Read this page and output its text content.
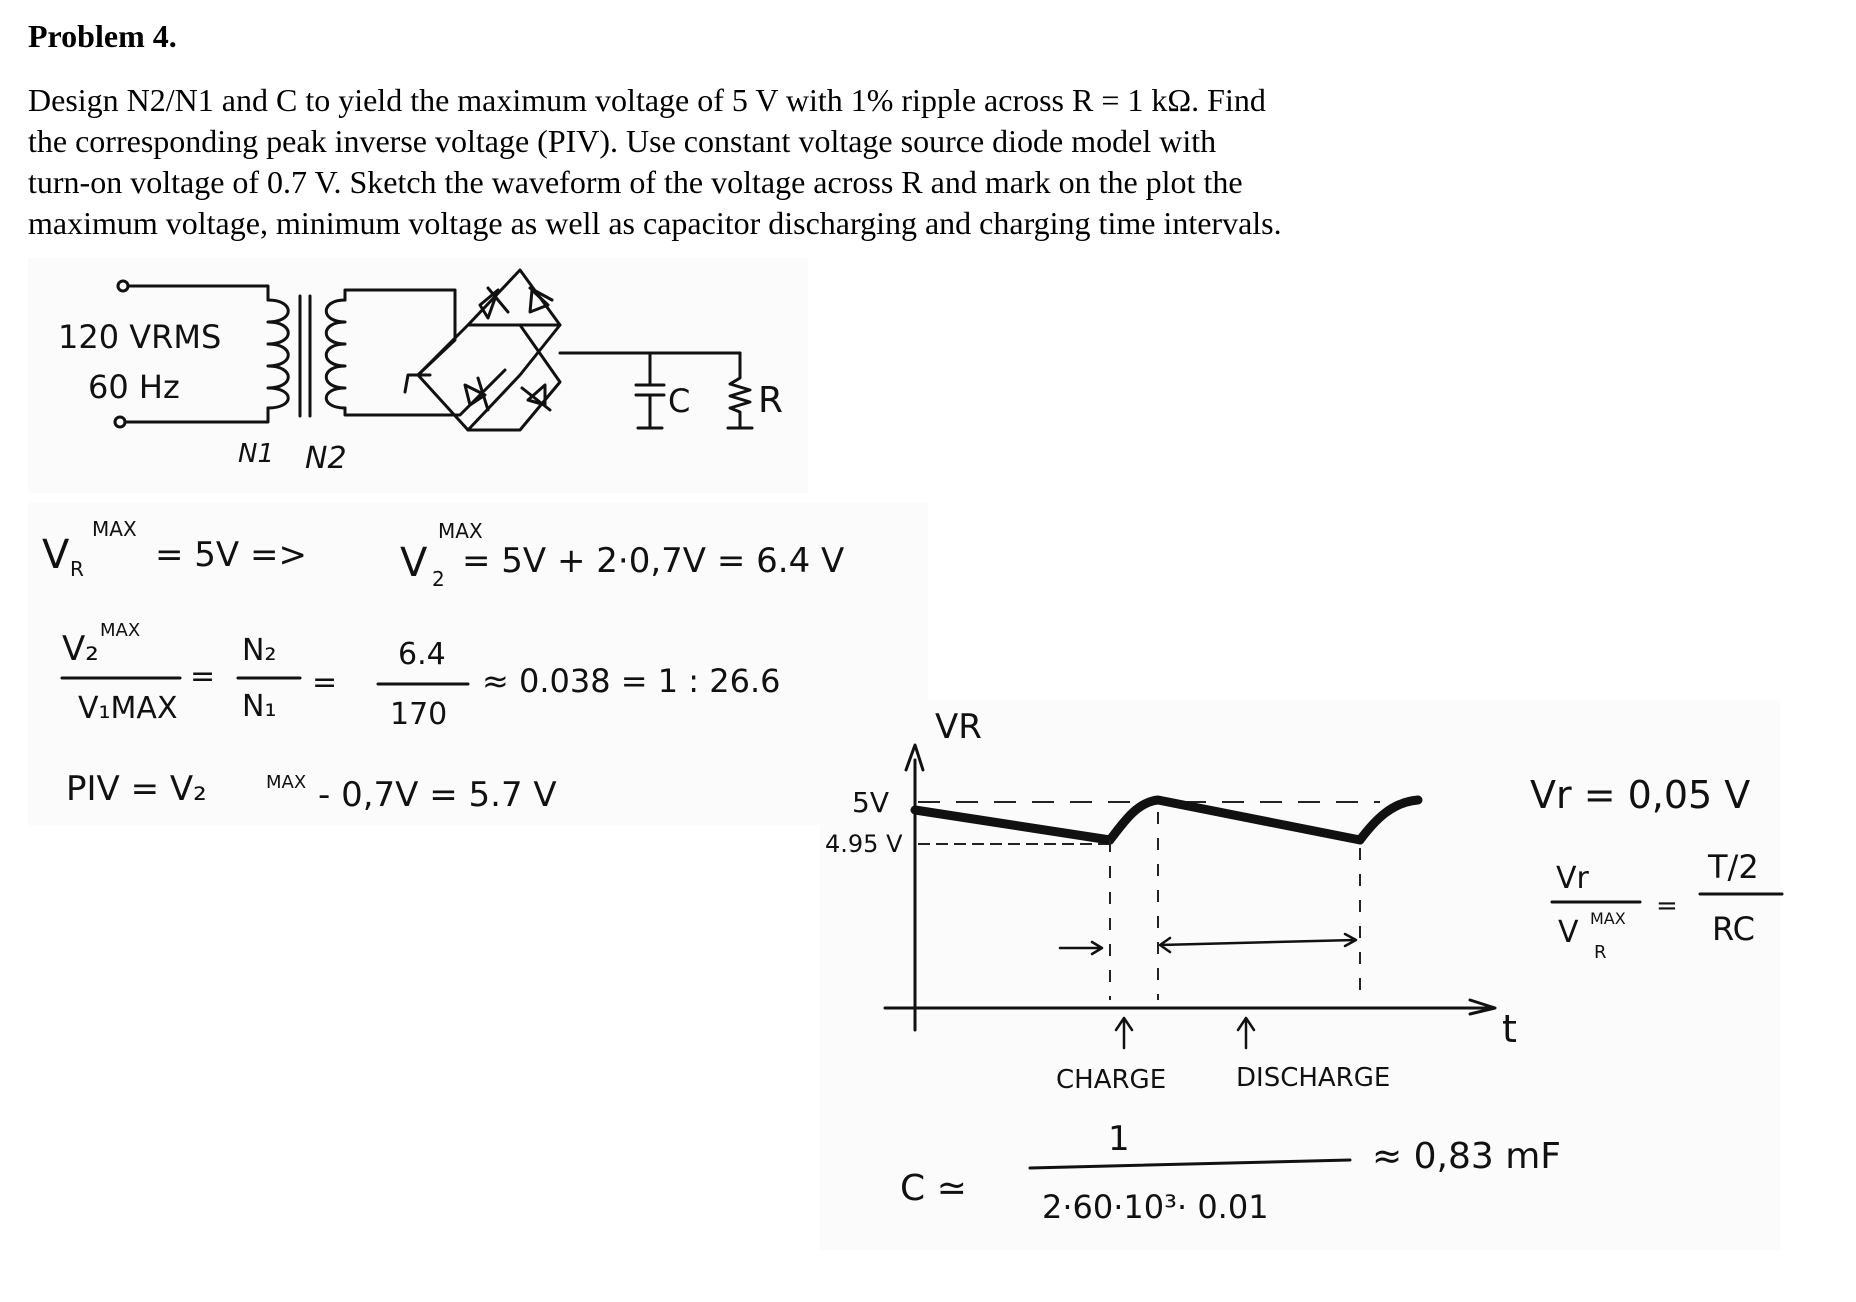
Problem 4.
Design N2/N1 and C to yield the maximum voltage of 5 V with 1% ripple across R = 1 kΩ. Find
the corresponding peak inverse voltage (PIV). Use constant voltage source diode model with
turn-on voltage of 0.7 V. Sketch the waveform of the voltage across R and mark on the plot the
maximum voltage, minimum voltage as well as capacitor discharging and charging time intervals.
120 VRMS
60 Hz
N1 N2
C R
V R
MAX
= 5V => V 2
MAX
= 5V + 2·0,7V = 6.4 V
V₂ MAX
V₁MAX
=
N₂
N₁
=
6.4
170
≈ 0.038 = 1 : 26.6
PIV = V₂	MAX - 0,7V = 5.7 V
VR
t
5V
4.95 V
CHARGE	DISCHARGE
Vr = 0,05 V
Vr
V MAX
R
=
T/2
RC
C ≃
1
2·60·10³· 0.01
≈ 0,83 mF
